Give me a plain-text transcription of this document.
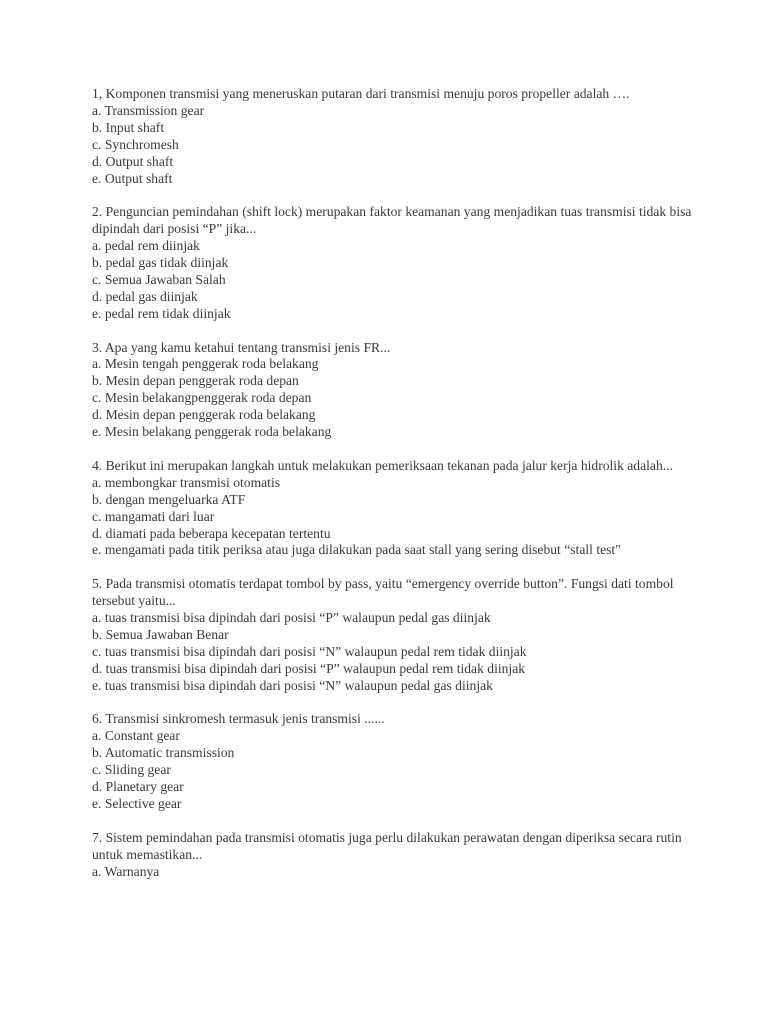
1, Komponen transmisi yang meneruskan putaran dari transmisi menuju poros propeller adalah ….
a. Transmission gear
b. Input shaft
c. Synchromesh
d. Output shaft
e. Output shaft
2. Penguncian pemindahan (shift lock) merupakan faktor keamanan yang menjadikan tuas transmisi tidak bisa dipindah dari posisi “P” jika...
a. pedal rem diinjak
b. pedal gas tidak diinjak
c. Semua Jawaban Salah
d. pedal gas diinjak
e. pedal rem tidak diinjak
3. Apa yang kamu ketahui tentang transmisi jenis FR...
a. Mesin tengah penggerak roda belakang
b. Mesin depan penggerak roda depan
c. Mesin belakangpenggerak roda depan
d. Mesin depan penggerak roda belakang
e. Mesin belakang penggerak roda belakang
4. Berikut ini merupakan langkah untuk melakukan pemeriksaan tekanan pada jalur kerja hidrolik adalah...
a. membongkar transmisi otomatis
b. dengan mengeluarka ATF
c. mangamati dari luar
d. diamati pada beberapa kecepatan tertentu
e. mengamati pada titik periksa atau juga dilakukan pada saat stall yang sering disebut “stall test"
5. Pada transmisi otomatis terdapat tombol by pass, yaitu “emergency override button”. Fungsi dati tombol tersebut yaitu...
a. tuas transmisi bisa dipindah dari posisi “P” walaupun pedal gas diinjak
b. Semua Jawaban Benar
c. tuas transmisi bisa dipindah dari posisi “N” walaupun pedal rem tidak diinjak
d. tuas transmisi bisa dipindah dari posisi “P” walaupun pedal rem tidak diinjak
e. tuas transmisi bisa dipindah dari posisi “N” walaupun pedal gas diinjak
6. Transmisi sinkromesh termasuk jenis transmisi ......
a. Constant gear
b. Automatic transmission
c. Sliding gear
d. Planetary gear
e. Selective gear
7. Sistem pemindahan pada transmisi otomatis juga perlu dilakukan perawatan dengan diperiksa secara rutin untuk memastikan...
a. Warnanya
